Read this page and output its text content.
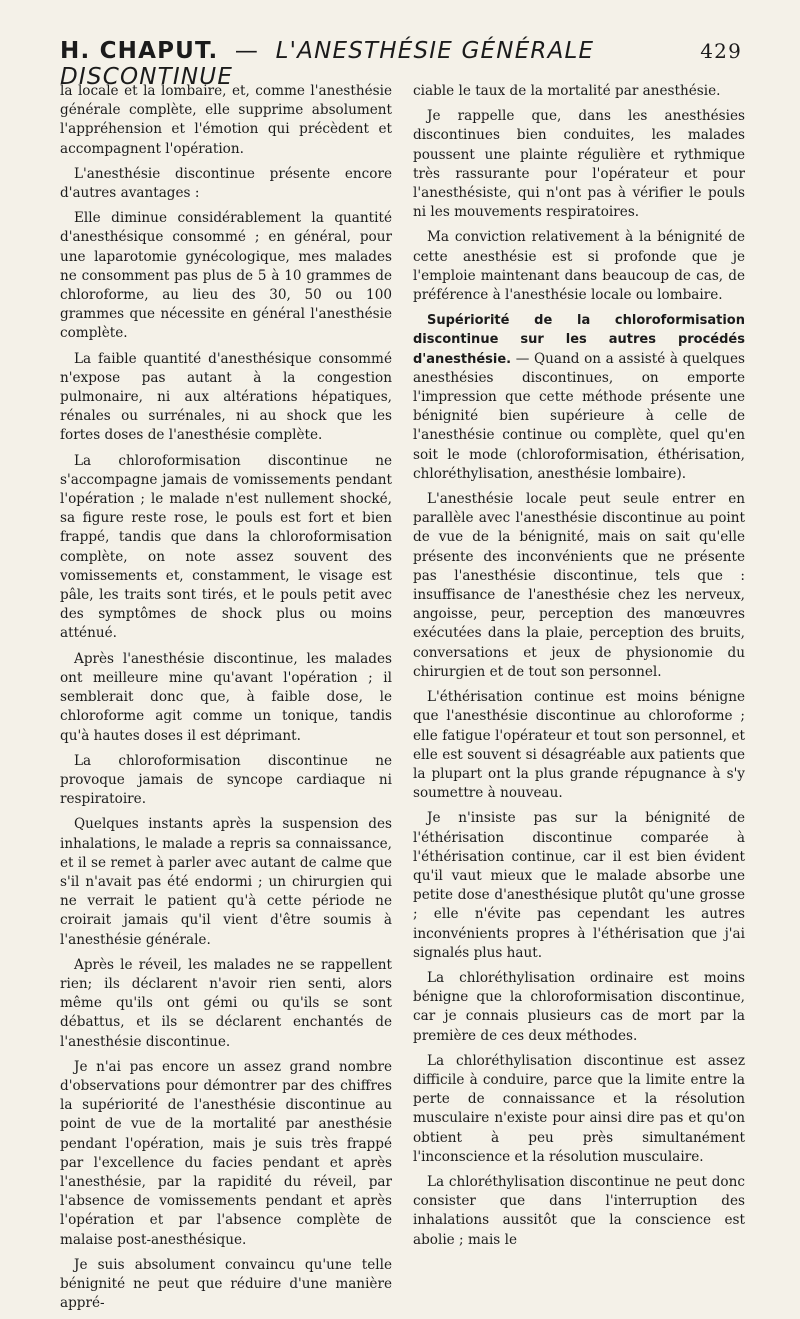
H. CHAPUT. — L'ANESTHÉSIE GÉNÉRALE DISCONTINUE
429

la locale et la lombaire, et, comme l'anesthésie générale complète, elle supprime absolument l'appréhension et l'émotion qui précèdent et accompagnent l'opération.

L'anesthésie discontinue présente encore d'autres avantages :

Elle diminue considérablement la quantité d'anesthésique consommé ; en général, pour une laparotomie gynécologique, mes malades ne consomment pas plus de 5 à 10 grammes de chloroforme, au lieu des 30, 50 ou 100 grammes que nécessite en général l'anesthésie complète.

La faible quantité d'anesthésique consommé n'expose pas autant à la congestion pulmonaire, ni aux altérations hépatiques, rénales ou surrénales, ni au shock que les fortes doses de l'anesthésie complète.

La chloroformisation discontinue ne s'accompagne jamais de vomissements pendant l'opération ; le malade n'est nullement shocké, sa figure reste rose, le pouls est fort et bien frappé, tandis que dans la chloroformisation complète, on note assez souvent des vomissements et, constamment, le visage est pâle, les traits sont tirés, et le pouls petit avec des symptômes de shock plus ou moins atténué.

Après l'anesthésie discontinue, les malades ont meilleure mine qu'avant l'opération ; il semblerait donc que, à faible dose, le chloroforme agit comme un tonique, tandis qu'à hautes doses il est déprimant.

La chloroformisation discontinue ne provoque jamais de syncope cardiaque ni respiratoire.

Quelques instants après la suspension des inhalations, le malade a repris sa connaissance, et il se remet à parler avec autant de calme que s'il n'avait pas été endormi ; un chirurgien qui ne verrait le patient qu'à cette période ne croirait jamais qu'il vient d'être soumis à l'anesthésie générale.

Après le réveil, les malades ne se rappellent rien; ils déclarent n'avoir rien senti, alors même qu'ils ont gémi ou qu'ils se sont débattus, et ils se déclarent enchantés de l'anesthésie discontinue.

Je n'ai pas encore un assez grand nombre d'observations pour démontrer par des chiffres la supériorité de l'anesthésie discontinue au point de vue de la mortalité par anesthésie pendant l'opération, mais je suis très frappé par l'excellence du facies pendant et après l'anesthésie, par la rapidité du réveil, par l'absence de vomissements pendant et après l'opération et par l'absence complète de malaise post-anesthésique.

Je suis absolument convaincu qu'une telle bénignité ne peut que réduire d'une manière appré-

ciable le taux de la mortalité par anesthésie.

Je rappelle que, dans les anesthésies discontinues bien conduites, les malades poussent une plainte régulière et rythmique très rassurante pour l'opérateur et pour l'anesthésiste, qui n'ont pas à vérifier le pouls ni les mouvements respiratoires.

Ma conviction relativement à la bénignité de cette anesthésie est si profonde que je l'emploie maintenant dans beaucoup de cas, de préférence à l'anesthésie locale ou lombaire.

Supériorité de la chloroformisation discontinue sur les autres procédés d'anesthésie. — Quand on a assisté à quelques anesthésies discontinues, on emporte l'impression que cette méthode présente une bénignité bien supérieure à celle de l'anesthésie continue ou complète, quel qu'en soit le mode (chloroformisation, éthérisation, chloréthylisation, anesthésie lombaire).

L'anesthésie locale peut seule entrer en parallèle avec l'anesthésie discontinue au point de vue de la bénignité, mais on sait qu'elle présente des inconvénients que ne présente pas l'anesthésie discontinue, tels que : insuffisance de l'anesthésie chez les nerveux, angoisse, peur, perception des manœuvres exécutées dans la plaie, perception des bruits, conversations et jeux de physionomie du chirurgien et de tout son personnel.

L'éthérisation continue est moins bénigne que l'anesthésie discontinue au chloroforme ; elle fatigue l'opérateur et tout son personnel, et elle est souvent si désagréable aux patients que la plupart ont la plus grande répugnance à s'y soumettre à nouveau.

Je n'insiste pas sur la bénignité de l'éthérisation discontinue comparée à l'éthérisation continue, car il est bien évident qu'il vaut mieux que le malade absorbe une petite dose d'anesthésique plutôt qu'une grosse ; elle n'évite pas cependant les autres inconvénients propres à l'éthérisation que j'ai signalés plus haut.

La chloréthylisation ordinaire est moins bénigne que la chloroformisation discontinue, car je connais plusieurs cas de mort par la première de ces deux méthodes.

La chloréthylisation discontinue est assez difficile à conduire, parce que la limite entre la perte de connaissance et la résolution musculaire n'existe pour ainsi dire pas et qu'on obtient à peu près simultanément l'inconscience et la résolution musculaire.

La chloréthylisation discontinue ne peut donc consister que dans l'interruption des inhalations aussitôt que la conscience est abolie ; mais le
